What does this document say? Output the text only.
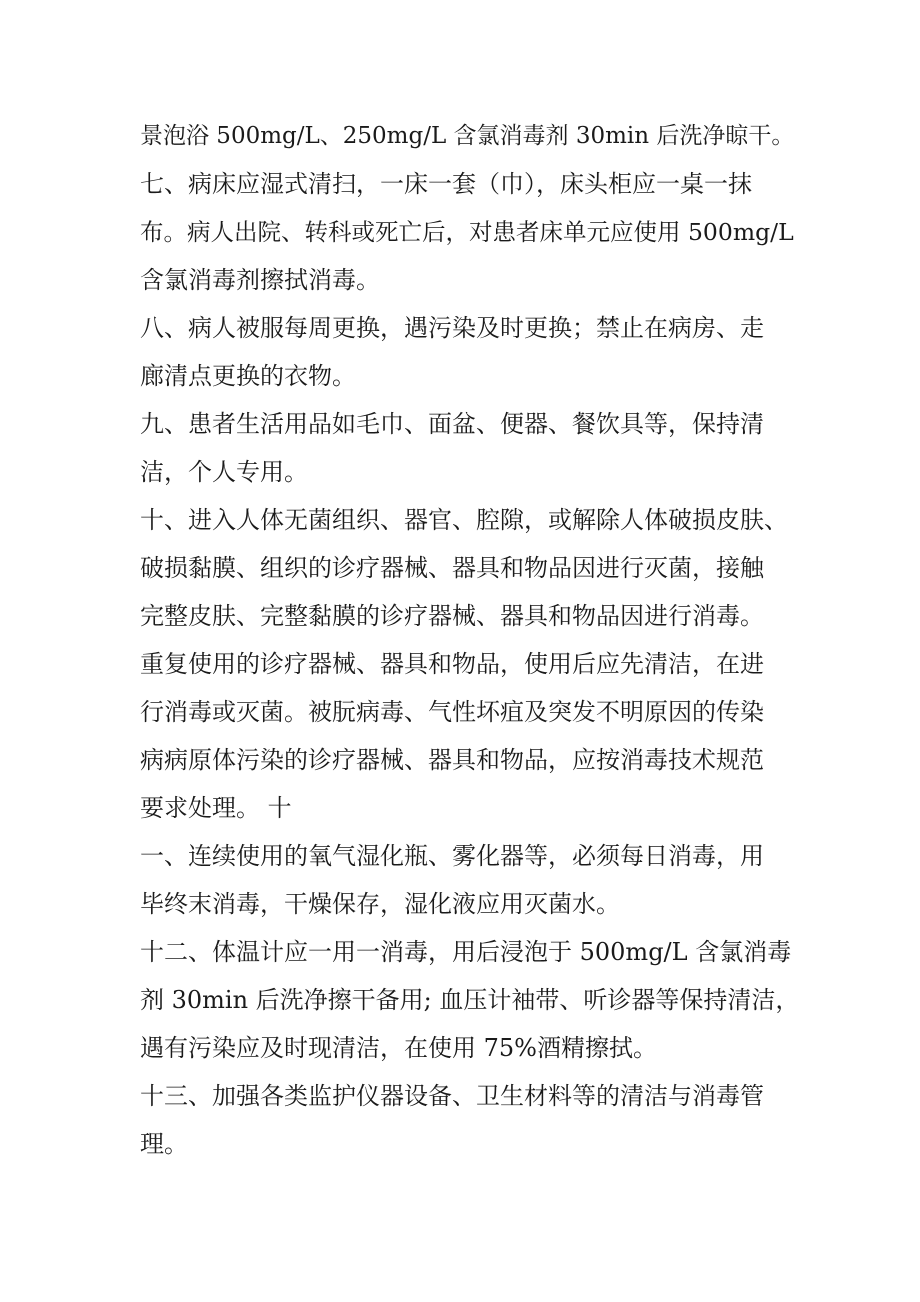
景泡浴 500mg/L、250mg/L 含氯消毒剂 30min 后洗净晾干。
七、病床应湿式清扫，一床一套（巾），床头柜应一桌一抹
布。病人出院、转科或死亡后，对患者床单元应使用 500mg/L
含氯消毒剂擦拭消毒。
八、病人被服每周更换，遇污染及时更换；禁止在病房、走
廊清点更换的衣物。
九、患者生活用品如毛巾、面盆、便器、餐饮具等，保持清
洁，个人专用。
十、进入人体无菌组织、器官、腔隙，或解除人体破损皮肤、
破损黏膜、组织的诊疗器械、器具和物品因进行灭菌，接触
完整皮肤、完整黏膜的诊疗器械、器具和物品因进行消毒。
重复使用的诊疗器械、器具和物品，使用后应先清洁，在进
行消毒或灭菌。被朊病毒、气性坏疽及突发不明原因的传染
病病原体污染的诊疗器械、器具和物品，应按消毒技术规范
要求处理。 十
一、连续使用的氧气湿化瓶、雾化器等，必须每日消毒，用
毕终末消毒，干燥保存，湿化液应用灭菌水。
十二、体温计应一用一消毒，用后浸泡于 500mg/L 含氯消毒
剂 30min 后洗净擦干备用; 血压计袖带、听诊器等保持清洁，
遇有污染应及时现清洁，在使用 75%酒精擦拭。
十三、加强各类监护仪器设备、卫生材料等的清洁与消毒管
理。
